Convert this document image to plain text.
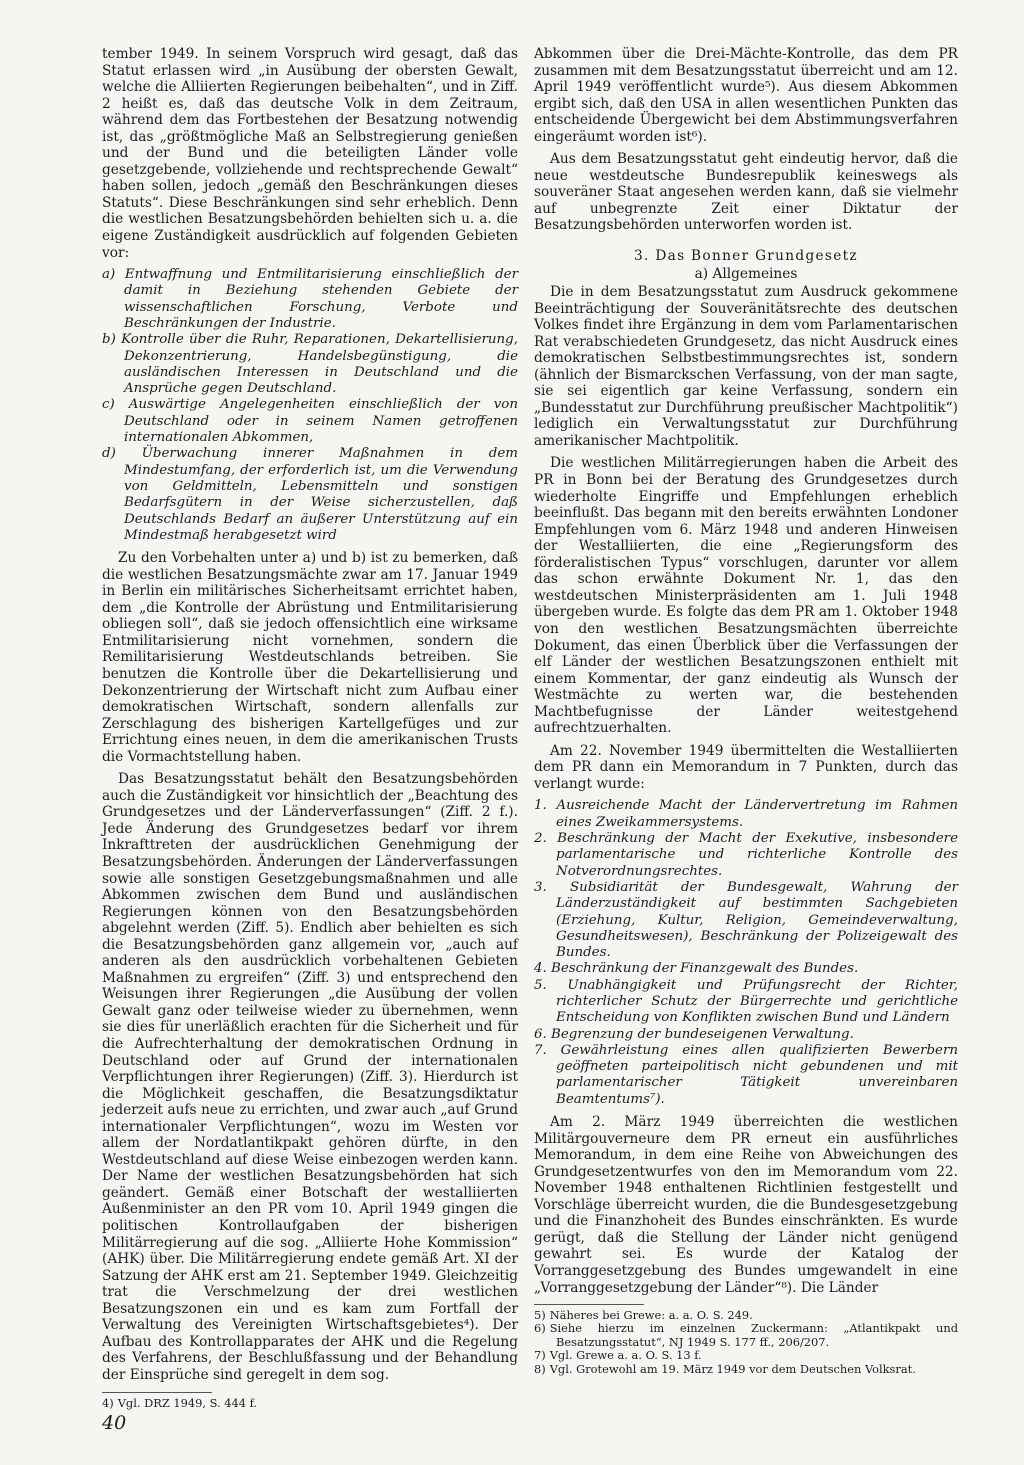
tember 1949. In seinem Vorspruch wird gesagt, daß das Statut erlassen wird „in Ausübung der obersten Gewalt, welche die Alliierten Regierungen beibehalten“, und in Ziff. 2 heißt es, daß das deutsche Volk in dem Zeitraum, während dem das Fortbestehen der Besatzung notwendig ist, das „größtmögliche Maß an Selbstregierung genießen und der Bund und die beteiligten Länder volle gesetzgebende, vollziehende und rechtsprechende Gewalt“ haben sollen, jedoch „gemäß den Beschränkungen dieses Statuts“. Diese Beschränkungen sind sehr erheblich. Denn die westlichen Besatzungsbehörden behielten sich u. a. die eigene Zuständigkeit ausdrücklich auf folgenden Gebieten vor:

a) Entwaffnung und Entmilitarisierung einschließlich der damit in Beziehung stehenden Gebiete der wissenschaftlichen Forschung, Verbote und Beschränkungen der Industrie.
b) Kontrolle über die Ruhr, Reparationen, Dekartellisierung, Dekonzentrierung, Handelsbegünstigung, die ausländischen Interessen in Deutschland und die Ansprüche gegen Deutschland.
c) Auswärtige Angelegenheiten einschließlich der von Deutschland oder in seinem Namen getroffenen internationalen Abkommen,
d) Überwachung innerer Maßnahmen in dem Mindestumfang, der erforderlich ist, um die Verwendung von Geldmitteln, Lebensmitteln und sonstigen Bedarfsgütern in der Weise sicherzustellen, daß Deutschlands Bedarf an äußerer Unterstützung auf ein Mindestmaß herabgesetzt wird

Zu den Vorbehalten unter a) und b) ist zu bemerken, daß die westlichen Besatzungsmächte zwar am 17. Januar 1949 in Berlin ein militärisches Sicherheitsamt errichtet haben, dem „die Kontrolle der Abrüstung und Entmilitarisierung obliegen soll“, daß sie jedoch offensichtlich eine wirksame Entmilitarisierung nicht vornehmen, sondern die Remilitarisierung Westdeutschlands betreiben. Sie benutzen die Kontrolle über die Dekartellisierung und Dekonzentrierung der Wirtschaft nicht zum Aufbau einer demokratischen Wirtschaft, sondern allenfalls zur Zerschlagung des bisherigen Kartellgefüges und zur Errichtung eines neuen, in dem die amerikanischen Trusts die Vormachtstellung haben.

Das Besatzungsstatut behält den Besatzungsbehörden auch die Zuständigkeit vor hinsichtlich der „Beachtung des Grundgesetzes und der Länderverfassungen“ (Ziff. 2 f.). Jede Änderung des Grundgesetzes bedarf vor ihrem Inkrafttreten der ausdrücklichen Genehmigung der Besatzungsbehörden. Änderungen der Länderverfassungen sowie alle sonstigen Gesetzgebungsmaßnahmen und alle Abkommen zwischen dem Bund und ausländischen Regierungen können von den Besatzungsbehörden abgelehnt werden (Ziff. 5). Endlich aber behielten es sich die Besatzungsbehörden ganz allgemein vor, „auch auf anderen als den ausdrücklich vorbehaltenen Gebieten Maßnahmen zu ergreifen“ (Ziff. 3) und entsprechend den Weisungen ihrer Regierungen „die Ausübung der vollen Gewalt ganz oder teilweise wieder zu übernehmen, wenn sie dies für unerläßlich erachten für die Sicherheit und für die Aufrechterhaltung der demokratischen Ordnung in Deutschland oder auf Grund der internationalen Verpflichtungen ihrer Regierungen) (Ziff. 3). Hierdurch ist die Möglichkeit geschaffen, die Besatzungsdiktatur jederzeit aufs neue zu errichten, und zwar auch „auf Grund internationaler Verpflichtungen“, wozu im Westen vor allem der Nordatlantikpakt gehören dürfte, in den Westdeutschland auf diese Weise einbezogen werden kann. Der Name der westlichen Besatzungsbehörden hat sich geändert. Gemäß einer Botschaft der westalliierten Außenminister an den PR vom 10. April 1949 gingen die politischen Kontrollaufgaben der bisherigen Militärregierung auf die sog. „Alliierte Hohe Kommission“ (AHK) über. Die Militärregierung endete gemäß Art. XI der Satzung der AHK erst am 21. September 1949. Gleichzeitig trat die Verschmelzung der drei westlichen Besatzungszonen ein und es kam zum Fortfall der Verwaltung des Vereinigten Wirtschaftsgebietes⁴). Der Aufbau des Kontrollapparates der AHK und die Regelung des Verfahrens, der Beschlußfassung und der Behandlung der Einsprüche sind geregelt in dem sog.

4) Vgl. DRZ 1949, S. 444 f.

Abkommen über die Drei-Mächte-Kontrolle, das dem PR zusammen mit dem Besatzungsstatut überreicht und am 12. April 1949 veröffentlicht wurde⁵). Aus diesem Abkommen ergibt sich, daß den USA in allen wesentlichen Punkten das entscheidende Übergewicht bei dem Abstimmungsverfahren eingeräumt worden ist⁶).

Aus dem Besatzungsstatut geht eindeutig hervor, daß die neue westdeutsche Bundesrepublik keineswegs als souveräner Staat angesehen werden kann, daß sie vielmehr auf unbegrenzte Zeit einer Diktatur der Besatzungsbehörden unterworfen worden ist.

3. Das Bonner Grundgesetz
a) Allgemeines

Die in dem Besatzungsstatut zum Ausdruck gekommene Beeinträchtigung der Souveränitätsrechte des deutschen Volkes findet ihre Ergänzung in dem vom Parlamentarischen Rat verabschiedeten Grundgesetz, das nicht Ausdruck eines demokratischen Selbstbestimmungsrechtes ist, sondern (ähnlich der Bismarckschen Verfassung, von der man sagte, sie sei eigentlich gar keine Verfassung, sondern ein „Bundesstatut zur Durchführung preußischer Machtpolitik“) lediglich ein Verwaltungsstatut zur Durchführung amerikanischer Machtpolitik.

Die westlichen Militärregierungen haben die Arbeit des PR in Bonn bei der Beratung des Grundgesetzes durch wiederholte Eingriffe und Empfehlungen erheblich beeinflußt. Das begann mit den bereits erwähnten Londoner Empfehlungen vom 6. März 1948 und anderen Hinweisen der Westalliierten, die eine „Regierungsform des förderalistischen Typus“ vorschlugen, darunter vor allem das schon erwähnte Dokument Nr. 1, das den westdeutschen Ministerpräsidenten am 1. Juli 1948 übergeben wurde. Es folgte das dem PR am 1. Oktober 1948 von den westlichen Besatzungsmächten überreichte Dokument, das einen Überblick über die Verfassungen der elf Länder der westlichen Besatzungszonen enthielt mit einem Kommentar, der ganz eindeutig als Wunsch der Westmächte zu werten war, die bestehenden Machtbefugnisse der Länder weitestgehend aufrechtzuerhalten.

Am 22. November 1949 übermittelten die Westalliierten dem PR dann ein Memorandum in 7 Punkten, durch das verlangt wurde:

1. Ausreichende Macht der Ländervertretung im Rahmen eines Zweikammersystems.
2. Beschränkung der Macht der Exekutive, insbesondere parlamentarische und richterliche Kontrolle des Notverordnungsrechtes.
3. Subsidiarität der Bundesgewalt, Wahrung der Länderzuständigkeit auf bestimmten Sachgebieten (Erziehung, Kultur, Religion, Gemeindeverwaltung, Gesundheitswesen), Beschränkung der Polizeigewalt des Bundes.
4. Beschränkung der Finanzgewalt des Bundes.
5. Unabhängigkeit und Prüfungsrecht der Richter, richterlicher Schutz der Bürgerrechte und gerichtliche Entscheidung von Konflikten zwischen Bund und Ländern
6. Begrenzung der bundeseigenen Verwaltung.
7. Gewährleistung eines allen qualifizierten Bewerbern geöffneten parteipolitisch nicht gebundenen und mit parlamentarischer Tätigkeit unvereinbaren Beamtentums⁷).

Am 2. März 1949 überreichten die westlichen Militärgouverneure dem PR erneut ein ausführliches Memorandum, in dem eine Reihe von Abweichungen des Grundgesetzentwurfes von den im Memorandum vom 22. November 1948 enthaltenen Richtlinien festgestellt und Vorschläge überreicht wurden, die die Bundesgesetzgebung und die Finanzhoheit des Bundes einschränkten. Es wurde gerügt, daß die Stellung der Länder nicht genügend gewahrt sei. Es wurde der Katalog der Vorranggesetzgebung des Bundes umgewandelt in eine „Vorranggesetzgebung der Länder“⁸). Die Länder

5) Näheres bei Grewe: a. a. O. S. 249.

6) Siehe hierzu im einzelnen Zuckermann: „Atlantikpakt und Besatzungsstatut“, NJ 1949 S. 177 ff., 206/207.

7) Vgl. Grewe a. a. O. S. 13 f.

8) Vgl. Grotewohl am 19. März 1949 vor dem Deutschen Volksrat.

40
